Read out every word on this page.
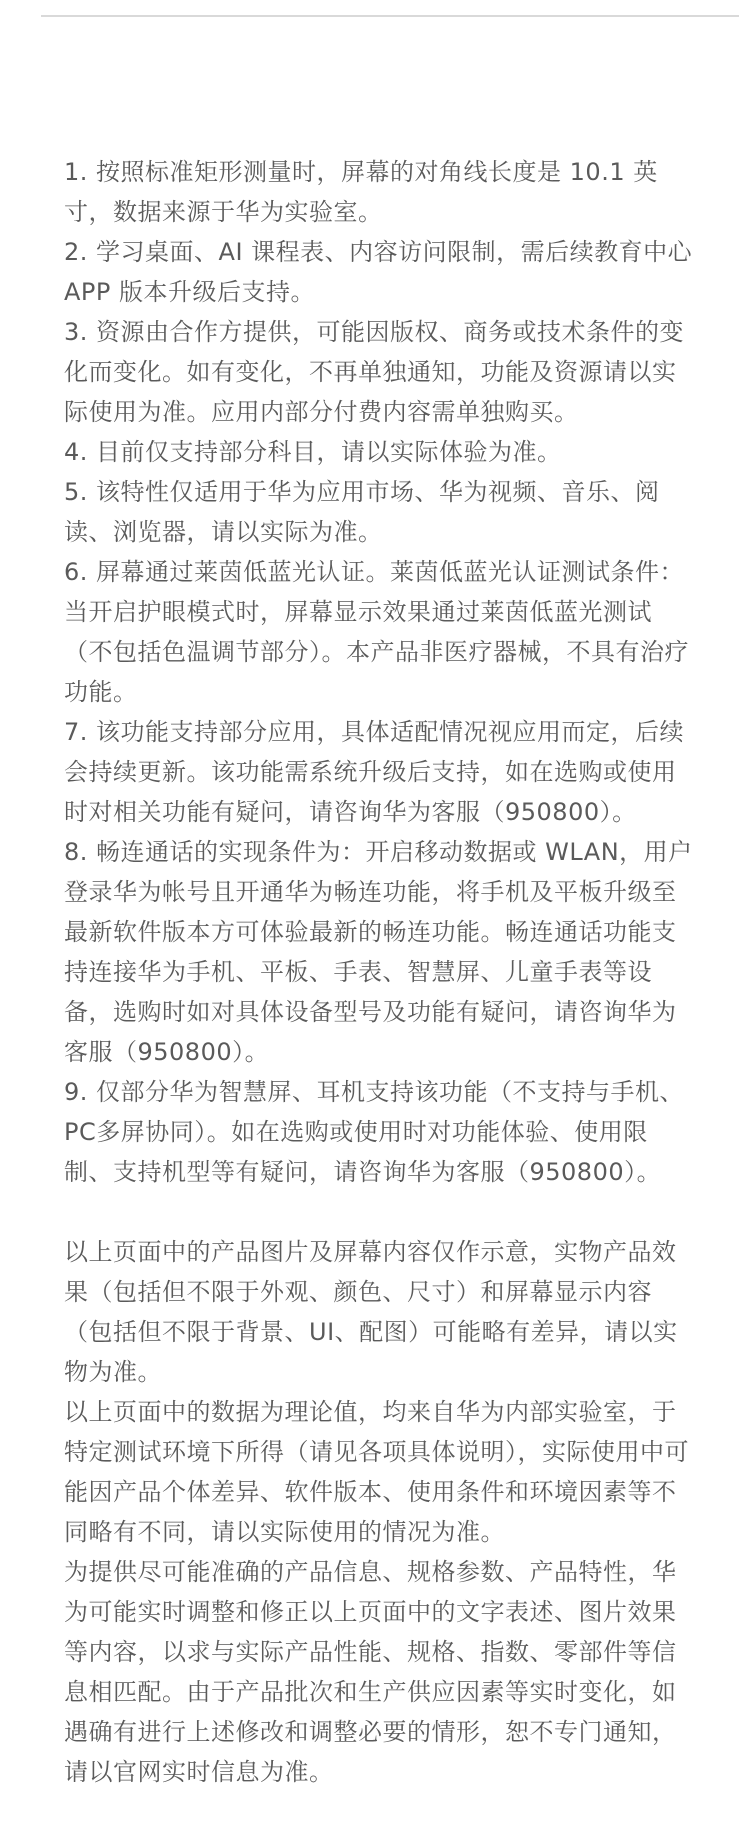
1. 按照标准矩形测量时，屏幕的对角线长度是 10.1 英寸，数据来源于华为实验室。

2. 学习桌面、AI 课程表、内容访问限制，需后续教育中心 APP 版本升级后支持。

3. 资源由合作方提供，可能因版权、商务或技术条件的变化而变化。如有变化，不再单独通知，功能及资源请以实际使用为准。应用内部分付费内容需单独购买。

4. 目前仅支持部分科目，请以实际体验为准。

5. 该特性仅适用于华为应用市场、华为视频、音乐、阅读、浏览器，请以实际为准。

6. 屏幕通过莱茵低蓝光认证。莱茵低蓝光认证测试条件：当开启护眼模式时，屏幕显示效果通过莱茵低蓝光测试（不包括色温调节部分）。本产品非医疗器械，不具有治疗功能。

7. 该功能支持部分应用，具体适配情况视应用而定，后续会持续更新。该功能需系统升级后支持，如在选购或使用时对相关功能有疑问，请咨询华为客服（950800）。

8. 畅连通话的实现条件为：开启移动数据或 WLAN，用户登录华为帐号且开通华为畅连功能，将手机及平板升级至最新软件版本方可体验最新的畅连功能。畅连通话功能支持连接华为手机、平板、手表、智慧屏、儿童手表等设备，选购时如对具体设备型号及功能有疑问，请咨询华为客服（950800）。

9. 仅部分华为智慧屏、耳机支持该功能（不支持与手机、PC多屏协同）。如在选购或使用时对功能体验、使用限制、支持机型等有疑问，请咨询华为客服（950800）。

以上页面中的产品图片及屏幕内容仅作示意，实物产品效果（包括但不限于外观、颜色、尺寸）和屏幕显示内容（包括但不限于背景、UI、配图）可能略有差异，请以实物为准。

以上页面中的数据为理论值，均来自华为内部实验室，于特定测试环境下所得（请见各项具体说明），实际使用中可能因产品个体差异、软件版本、使用条件和环境因素等不同略有不同，请以实际使用的情况为准。

为提供尽可能准确的产品信息、规格参数、产品特性，华为可能实时调整和修正以上页面中的文字表述、图片效果等内容，以求与实际产品性能、规格、指数、零部件等信息相匹配。由于产品批次和生产供应因素等实时变化，如遇确有进行上述修改和调整必要的情形，恕不专门通知，请以官网实时信息为准。
